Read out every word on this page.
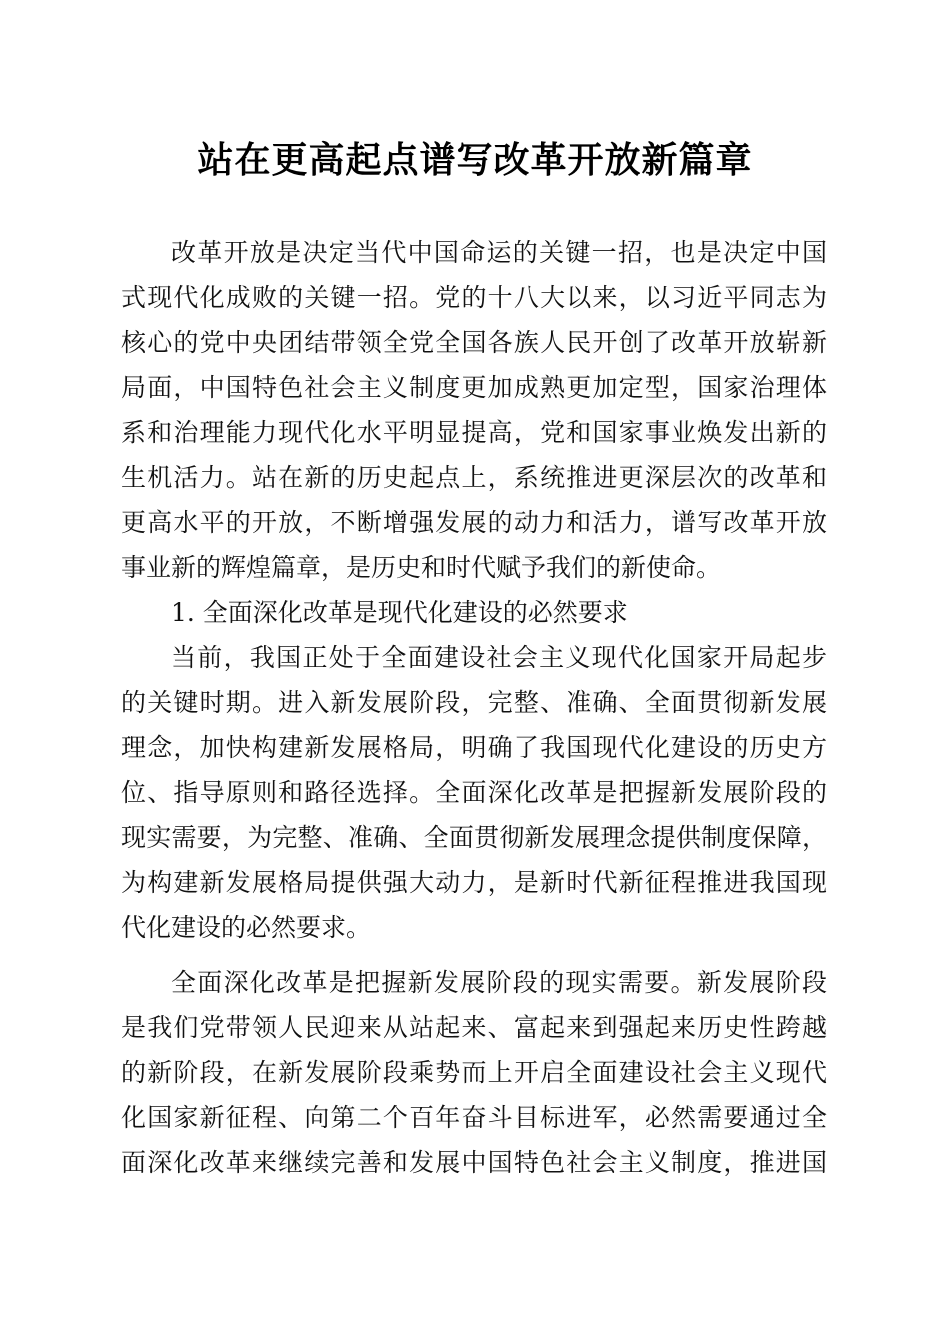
站在更高起点谱写改革开放新篇章
改革开放是决定当代中国命运的关键一招，也是决定中国
式现代化成败的关键一招。党的十八大以来，以习近平同志为
核心的党中央团结带领全党全国各族人民开创了改革开放崭新
局面，中国特色社会主义制度更加成熟更加定型，国家治理体
系和治理能力现代化水平明显提高，党和国家事业焕发出新的
生机活力。站在新的历史起点上，系统推进更深层次的改革和
更高水平的开放，不断增强发展的动力和活力，谱写改革开放
事业新的辉煌篇章，是历史和时代赋予我们的新使命。
1. 全面深化改革是现代化建设的必然要求
当前，我国正处于全面建设社会主义现代化国家开局起步
的关键时期。进入新发展阶段，完整、准确、全面贯彻新发展
理念，加快构建新发展格局，明确了我国现代化建设的历史方
位、指导原则和路径选择。全面深化改革是把握新发展阶段的
现实需要，为完整、准确、全面贯彻新发展理念提供制度保障，
为构建新发展格局提供强大动力，是新时代新征程推进我国现
代化建设的必然要求。
全面深化改革是把握新发展阶段的现实需要。新发展阶段
是我们党带领人民迎来从站起来、富起来到强起来历史性跨越
的新阶段，在新发展阶段乘势而上开启全面建设社会主义现代
化国家新征程、向第二个百年奋斗目标进军，必然需要通过全
面深化改革来继续完善和发展中国特色社会主义制度，推进国
